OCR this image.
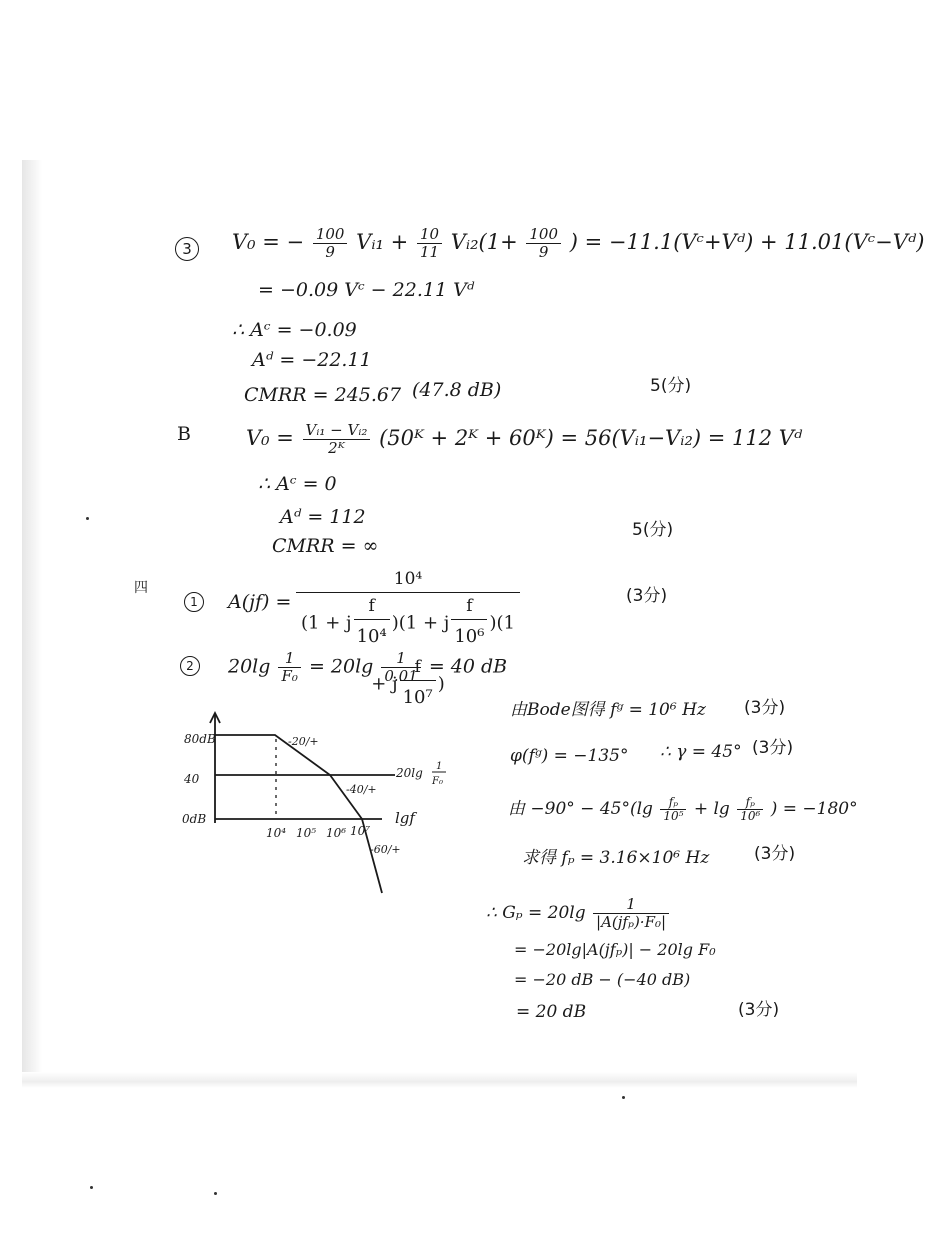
3	V₀ = − $\frac{100}{9}$ Vᵢ₁ + $\frac{10}{11}$ Vᵢ₂(1+ $\frac{100}{9}$ ) = −11.1(Vᶜ+Vᵈ) + 11.01(Vᶜ−Vᵈ)
= −0.09 Vᶜ − 22.11 Vᵈ
∴ Aᶜ = −0.09
Aᵈ = −22.11
CMRR = 245.67 (47.8 dB)	5(分)
B	$V_0 = \frac{\text{Vᵢ₁ − Vᵢ₂}}{\text{2ᴷ}}$ (50ᴷ + 2ᴷ + 60ᴷ) = 56(Vᵢ₁−Vᵢ₂) = 112 Vᵈ
∴ Aᶜ = 0
Aᵈ = 112
CMRR = ∞
5(分)
四
1	$A(jf) = \frac{\text{10⁴}}{(1 + j \frac{f}{\text{10⁴}} )(1 + j \frac{f}{\text{10⁶}} )(1 + j \frac{f}{\text{10⁷}} )}$	(3分)
2	$20\lg \frac{1}{\text{F₀}} = 20\lg \frac{1}{0.01} = 40$ dB
80dB
40
0dB
10⁴ 10⁵ 10⁶ 10⁷
lgf
-20/+
-40/+
-60/+
20lg 1
F₀
由Bode图得 fᵍ = 10⁶ Hz (3分)
φ(fᵍ) = −135° ∴ γ = 45° (3分)
由 $-90^\circ - 45^\circ(\lg \frac{\text{fₚ}}{\text{10⁵}} + \lg \frac{\text{fₚ}}{\text{10⁶}}$ ) = −180°
求得 fₚ = 3.16×10⁶ Hz	(3分)
∴ $G_p = 20\lg \frac{1}{\text{|A(jfₚ)·F₀|}}$
= −20lg|A(jfₚ)| − 20lg F₀
= −20 dB − (−40 dB)
= 20 dB	(3分)
